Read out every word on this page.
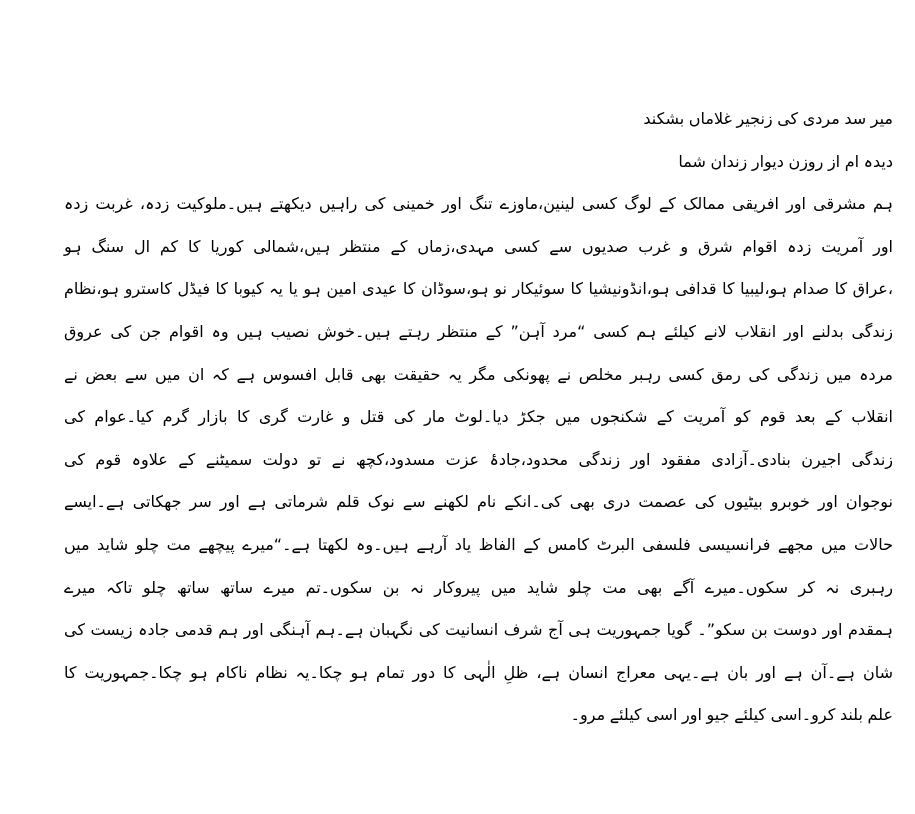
میر سد مردی کی زنجیر غلاماں بشکند
دیدہ ام از روزن دیوار زندان شما
ہم مشرقی اور افریقی ممالک کے لوگ کسی لینین،ماوزے تنگ اور خمینی کی راہیں دیکھتے ہیں۔ملوکیت زدہ، غربت زدہ
اور آمریت زدہ اقوام شرق و غرب صدیوں سے کسی مہدی،زماں کے منتظر ہیں،شمالی کوریا کا کم ال سنگ ہو
،عراق کا صدام ہو،لیبیا کا قدافی ہو،انڈونیشیا کا سوئیکار نو ہو،سوڈان کا عیدی امین ہو یا یہ کیوبا کا فیڈل کاسترو ہو،نظام
زندگی بدلنے اور انقلاب لانے کیلئے ہم کسی “مرد آہن” کے منتظر رہتے ہیں۔خوش نصیب ہیں وہ اقوام جن کی عروق
مردہ میں زندگی کی رمق کسی رہبر مخلص نے پھونکی مگر یہ حقیقت بھی قابل افسوس ہے کہ ان میں سے بعض نے
انقلاب کے بعد قوم کو آمریت کے شکنجوں میں جکڑ دیا۔لوٹ مار کی قتل و غارت گری کا بازار گرم کیا۔عوام کی
زندگی اجیرن بنادی۔آزادی مفقود اور زندگی محدود،جادۂ عزت مسدود،کچھ نے تو دولت سمیٹنے کے علاوہ قوم کی
نوجوان اور خوبرو بیٹیوں کی عصمت دری بھی کی۔انکے نام لکھنے سے نوک قلم شرماتی ہے اور سر جھکاتی ہے۔ایسے
حالات میں مجھے فرانسیسی فلسفی البرٹ کامس کے الفاظ یاد آرہے ہیں۔وہ لکھتا ہے۔“میرے پیچھے مت چلو شاید میں
رہبری نہ کر سکوں۔میرے آگے بھی مت چلو شاید میں پیروکار نہ بن سکوں۔تم میرے ساتھ ساتھ چلو تاکہ میرے
ہمقدم اور دوست بن سکو”۔ گویا جمہوریت ہی آج شرف انسانیت کی نگہبان ہے۔ہم آہنگی اور ہم قدمی جادہ زیست کی
شان ہے۔آن ہے اور بان ہے۔یہی معراج انسان ہے، ظلِ الٰہی کا دور تمام ہو چکا۔یہ نظام ناکام ہو چکا۔جمہوریت کا
علم بلند کرو۔اسی کیلئے جیو اور اسی کیلئے مرو۔
